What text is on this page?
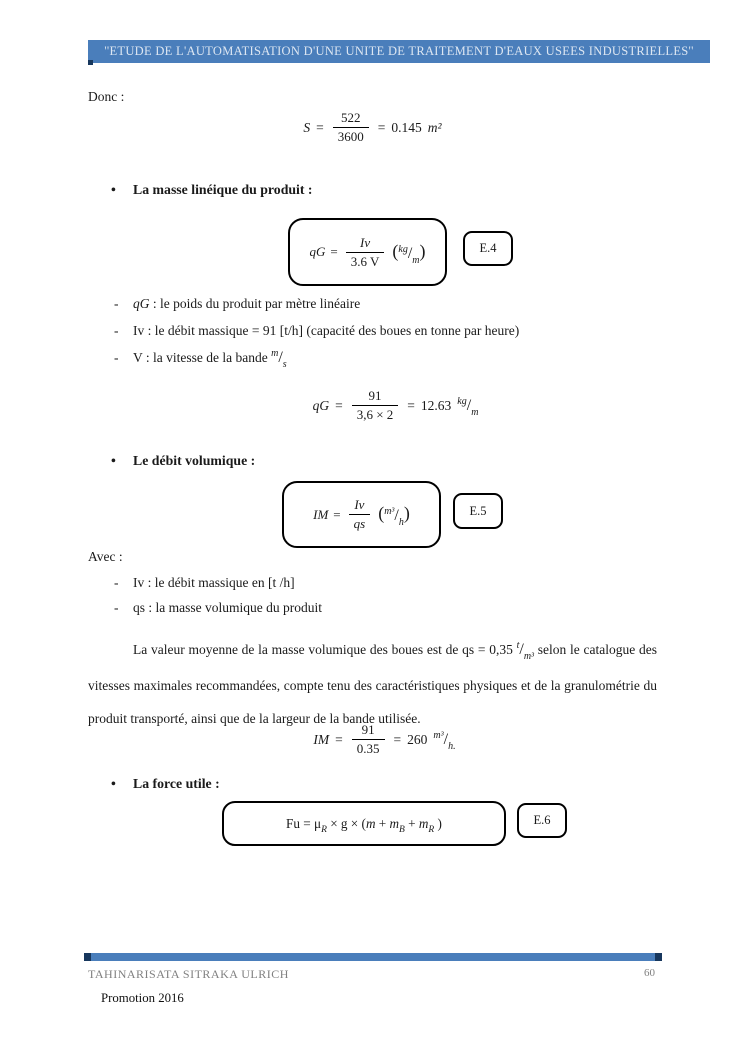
''ETUDE DE L'AUTOMATISATION D'UNE UNITE DE TRAITEMENT D'EAUX USEES INDUSTRIELLES''
Donc :
$S = \frac{522}{3600} = 0.145$ m²
• La masse linéique du produit :
qG = $\frac{Iv}{3.6 V} (^{kg}/_m)$	E.4
- qG : le poids du produit par mètre linéaire
- Iv : le débit massique = 91 [t/h] (capacité des boues en tonne par heure)
- V : la vitesse de la bande $^m/_s$
qG = $\frac{91}{3,6 \times 2} = 12.63$ $^{kg}/_m$
• Le débit volumique :
IM = $\frac{Iv}{qs} (^{m^3}/_h)$	E.5
Avec :
- Iv : le débit massique en [t /h]
- qs : la masse volumique du produit
La valeur moyenne de la masse volumique des boues est de qs = 0,35 $^t/_{m^3}$ selon le catalogue des vitesses maximales recommandées, compte tenu des caractéristiques physiques et de la granulométrie du produit transporté, ainsi que de la largeur de la bande utilisée.
IM = $\frac{91}{0.35} = 260$ $^{m^3}/_{h.}$
• La force utile :
$Fu = \mu_R \times g \times (m + m_B + m_R$ )	E.6
TAHINARISATA SITRAKA ULRICH	60
Promotion 2016
